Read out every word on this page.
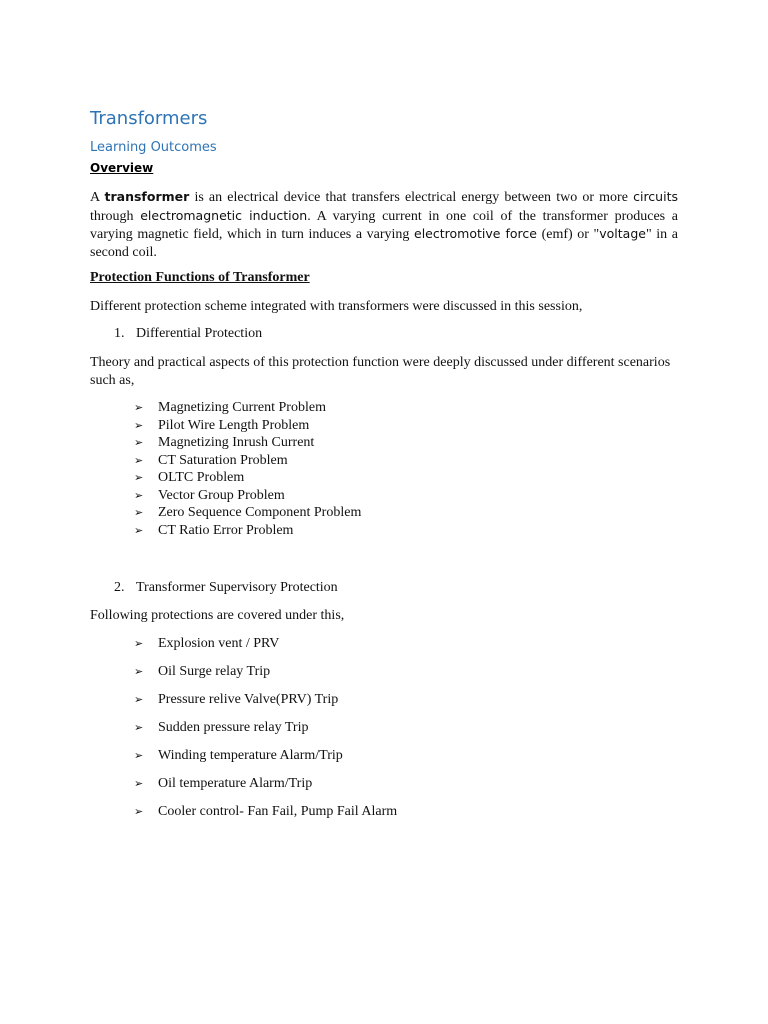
Transformers
Learning Outcomes
Overview

A transformer is an electrical device that transfers electrical energy between two or more circuits through electromagnetic induction. A varying current in one coil of the transformer produces a varying magnetic field, which in turn induces a varying electromotive force (emf) or "voltage" in a second coil.

Protection Functions of Transformer

Different protection scheme integrated with transformers were discussed in this session,

1. Differential Protection

Theory and practical aspects of this protection function were deeply discussed under different scenarios such as,

➢ Magnetizing Current Problem
➢ Pilot Wire Length Problem
➢ Magnetizing Inrush Current
➢ CT Saturation Problem
➢ OLTC Problem
➢ Vector Group Problem
➢ Zero Sequence Component Problem
➢ CT Ratio Error Problem
2. Transformer Supervisory Protection

Following protections are covered under this,

➢ Explosion vent / PRV
➢ Oil Surge relay Trip
➢ Pressure relive Valve(PRV) Trip
➢ Sudden pressure relay Trip
➢ Winding temperature Alarm/Trip
➢ Oil temperature Alarm/Trip
➢ Cooler control- Fan Fail, Pump Fail Alarm
